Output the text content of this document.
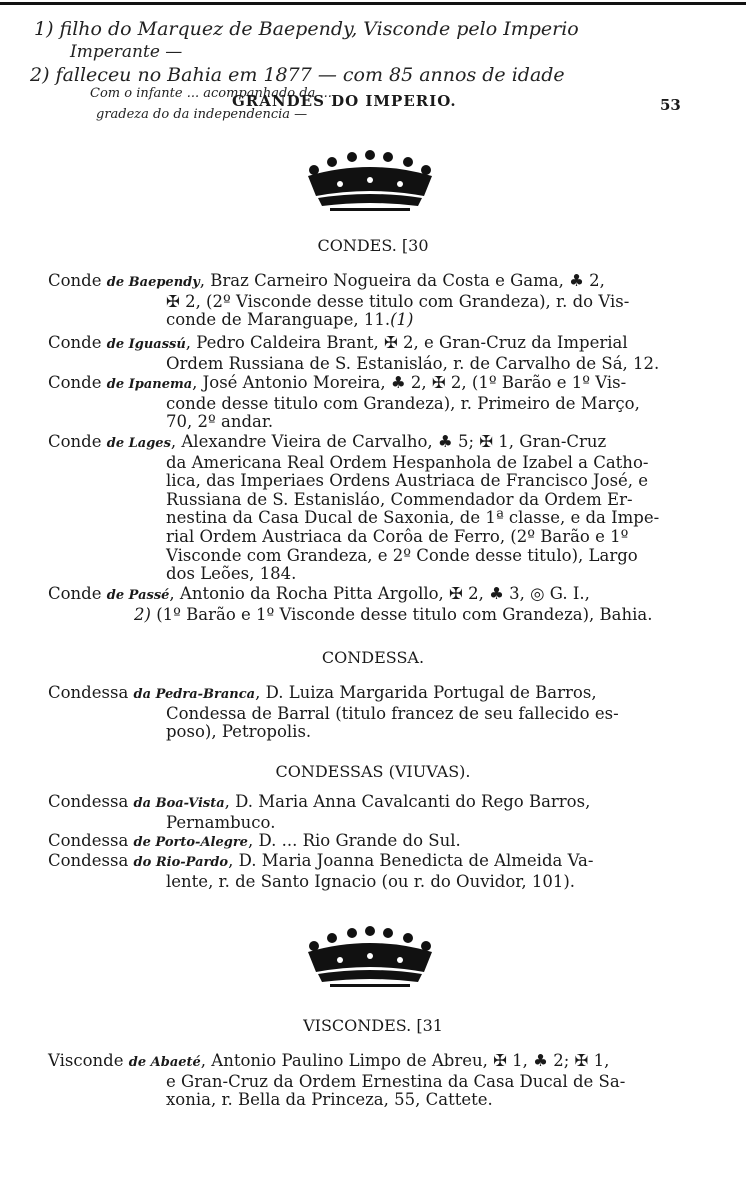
1) filho do Marquez de Baependy, Visconde pelo Imperio
Imperante —
2) falleceu no Bahia em 1877 — com 85 annos de idade
Com o infante ... acompanhado da ...
gradeza do da independencia —
GRANDES DO IMPERIO.	53
CONDES. [30
Conde de Baependy, Braz Carneiro Nogueira da Costa e Gama, ♣ 2,
✠ 2, (2º Visconde desse titulo com Grandeza), r. do Vis-
conde de Maranguape, 11.(1)
Conde de Iguassú, Pedro Caldeira Brant, ✠ 2, e Gran-Cruz da Imperial
Ordem Russiana de S. Estanisláo, r. de Carvalho de Sá, 12.
Conde de Ipanema, José Antonio Moreira, ♣ 2, ✠ 2, (1º Barão e 1º Vis-
conde desse titulo com Grandeza), r. Primeiro de Março,
70, 2º andar.
Conde de Lages, Alexandre Vieira de Carvalho, ♣ 5; ✠ 1, Gran-Cruz
da Americana Real Ordem Hespanhola de Izabel a Catho-
lica, das Imperiaes Ordens Austriaca de Francisco José, e
Russiana de S. Estanisláo, Commendador da Ordem Er-
nestina da Casa Ducal de Saxonia, de 1ª classe, e da Impe-
rial Ordem Austriaca da Corôa de Ferro, (2º Barão e 1º
Visconde com Grandeza, e 2º Conde desse titulo), Largo
dos Leões, 184.
Conde de Passé, Antonio da Rocha Pitta Argollo, ✠ 2, ♣ 3, ◎ G. I.,
2) (1º Barão e 1º Visconde desse titulo com Grandeza), Bahia.
CONDESSA.
Condessa da Pedra-Branca, D. Luiza Margarida Portugal de Barros,
Condessa de Barral (titulo francez de seu fallecido es-
poso), Petropolis.
CONDESSAS (VIUVAS).
Condessa da Boa-Vista, D. Maria Anna Cavalcanti do Rego Barros,
Pernambuco.
Condessa de Porto-Alegre, D. ... Rio Grande do Sul.
Condessa do Rio-Pardo, D. Maria Joanna Benedicta de Almeida Va-
lente, r. de Santo Ignacio (ou r. do Ouvidor, 101).
VISCONDES. [31
Visconde de Abaeté, Antonio Paulino Limpo de Abreu, ✠ 1, ♣ 2; ✠ 1,
e Gran-Cruz da Ordem Ernestina da Casa Ducal de Sa-
xonia, r. Bella da Princeza, 55, Cattete.
